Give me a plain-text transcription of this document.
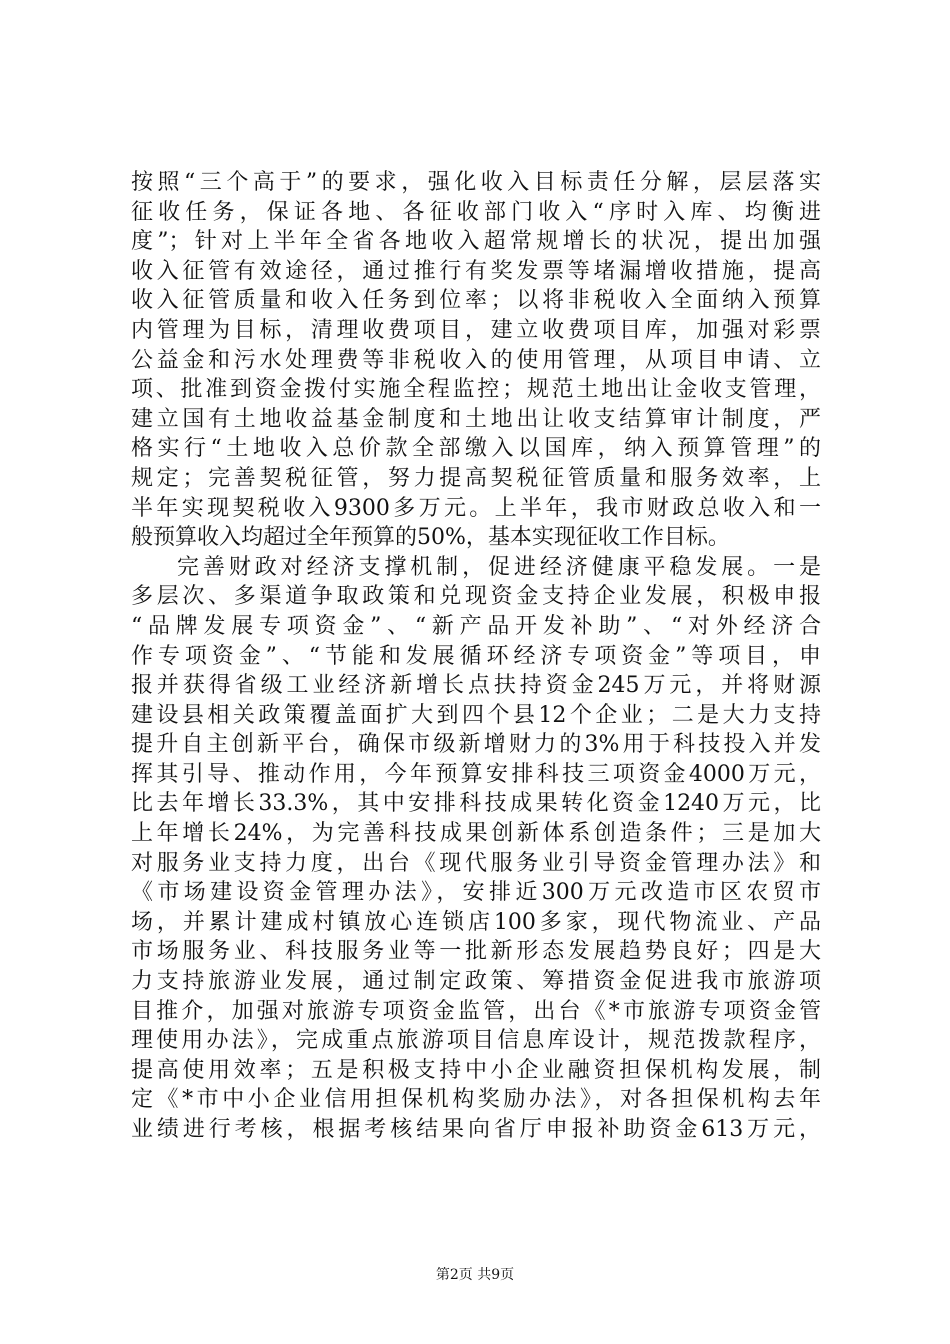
按照“三个高于”的要求，强化收入目标责任分解，层层落实
征收任务，保证各地、各征收部门收入“序时入库、均衡进
度”；针对上半年全省各地收入超常规增长的状况，提出加强
收入征管有效途径，通过推行有奖发票等堵漏增收措施，提高
收入征管质量和收入任务到位率；以将非税收入全面纳入预算
内管理为目标，清理收费项目，建立收费项目库，加强对彩票
公益金和污水处理费等非税收入的使用管理，从项目申请、立
项、批准到资金拨付实施全程监控；规范土地出让金收支管理，
建立国有土地收益基金制度和土地出让收支结算审计制度，严
格实行“土地收入总价款全部缴入以国库，纳入预算管理”的
规定；完善契税征管，努力提高契税征管质量和服务效率，上
半年实现契税收入9300多万元。上半年，我市财政总收入和一
般预算收入均超过全年预算的50%，基本实现征收工作目标。
完善财政对经济支撑机制，促进经济健康平稳发展。一是
多层次、多渠道争取政策和兑现资金支持企业发展，积极申报
“品牌发展专项资金”、“新产品开发补助”、“对外经济合
作专项资金”、“节能和发展循环经济专项资金”等项目，申
报并获得省级工业经济新增长点扶持资金245万元，并将财源
建设县相关政策覆盖面扩大到四个县12个企业；二是大力支持
提升自主创新平台，确保市级新增财力的3%用于科技投入并发
挥其引导、推动作用，今年预算安排科技三项资金4000万元，
比去年增长33.3%，其中安排科技成果转化资金1240万元，比
上年增长24%，为完善科技成果创新体系创造条件；三是加大
对服务业支持力度，出台《现代服务业引导资金管理办法》和
《市场建设资金管理办法》，安排近300万元改造市区农贸市
场，并累计建成村镇放心连锁店100多家，现代物流业、产品
市场服务业、科技服务业等一批新形态发展趋势良好；四是大
力支持旅游业发展，通过制定政策、筹措资金促进我市旅游项
目推介，加强对旅游专项资金监管，出台《*市旅游专项资金管
理使用办法》，完成重点旅游项目信息库设计，规范拨款程序，
提高使用效率；五是积极支持中小企业融资担保机构发展，制
定《*市中小企业信用担保机构奖励办法》，对各担保机构去年
业绩进行考核，根据考核结果向省厅申报补助资金613万元，
第2页 共9页
